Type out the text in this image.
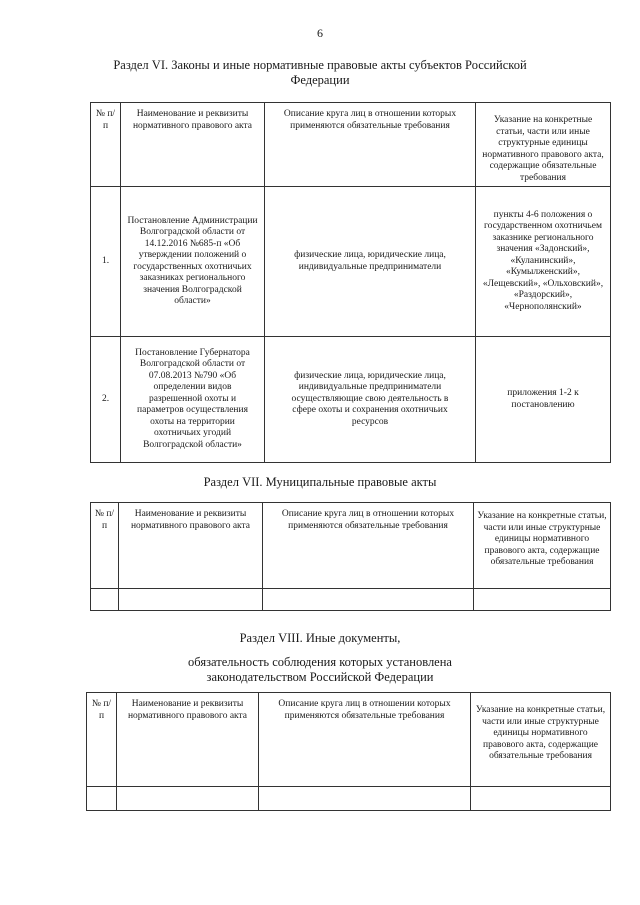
6
Раздел VI. Законы и иные нормативные правовые акты субъектов Российской
Федерации
№ п/п	Наименование и реквизиты нормативного правового акта	Описание круга лиц в отношении которых применяются обязательные требования	Указание на конкретные статьи, части или иные структурные единицы нормативного правового акта, содержащие обязательные требования

1.	Постановление Администрации Волгоградской области от 14.12.2016 №685-п «Об утверждении положений о государственных охотничьих заказниках регионального значения Волгоградской области»	физические лица, юридические лица, индивидуальные предприниматели	пункты 4-6 положения о государственном охотничьем заказнике регионального значения «Задонский», «Куланинский», «Кумылженский», «Лещевский», «Ольховский», «Раздорский», «Чернополянский»

2.	Постановление Губернатора Волгоградской области от 07.08.2013 №790 «Об определении видов разрешенной охоты и параметров осуществления охоты на территории охотничьих угодий Волгоградской области»	физические лица, юридические лица, индивидуальные предприниматели осуществляющие свою деятельность в сфере охоты и сохранения охотничьих ресурсов	приложения 1-2 к постановлению
Раздел VII. Муниципальные правовые акты
№ п/п	Наименование и реквизиты нормативного правового акта	Описание круга лиц в отношении которых применяются обязательные требования	Указание на конкретные статьи, части или иные структурные единицы нормативного правового акта, содержащие обязательные требования

Раздел VIII. Иные документы,
обязательность соблюдения которых установлена
законодательством Российской Федерации
№ п/п	Наименование и реквизиты нормативного правового акта	Описание круга лиц в отношении которых применяются обязательные требования	Указание на конкретные статьи, части или иные структурные единицы нормативного правового акта, содержащие обязательные требования
